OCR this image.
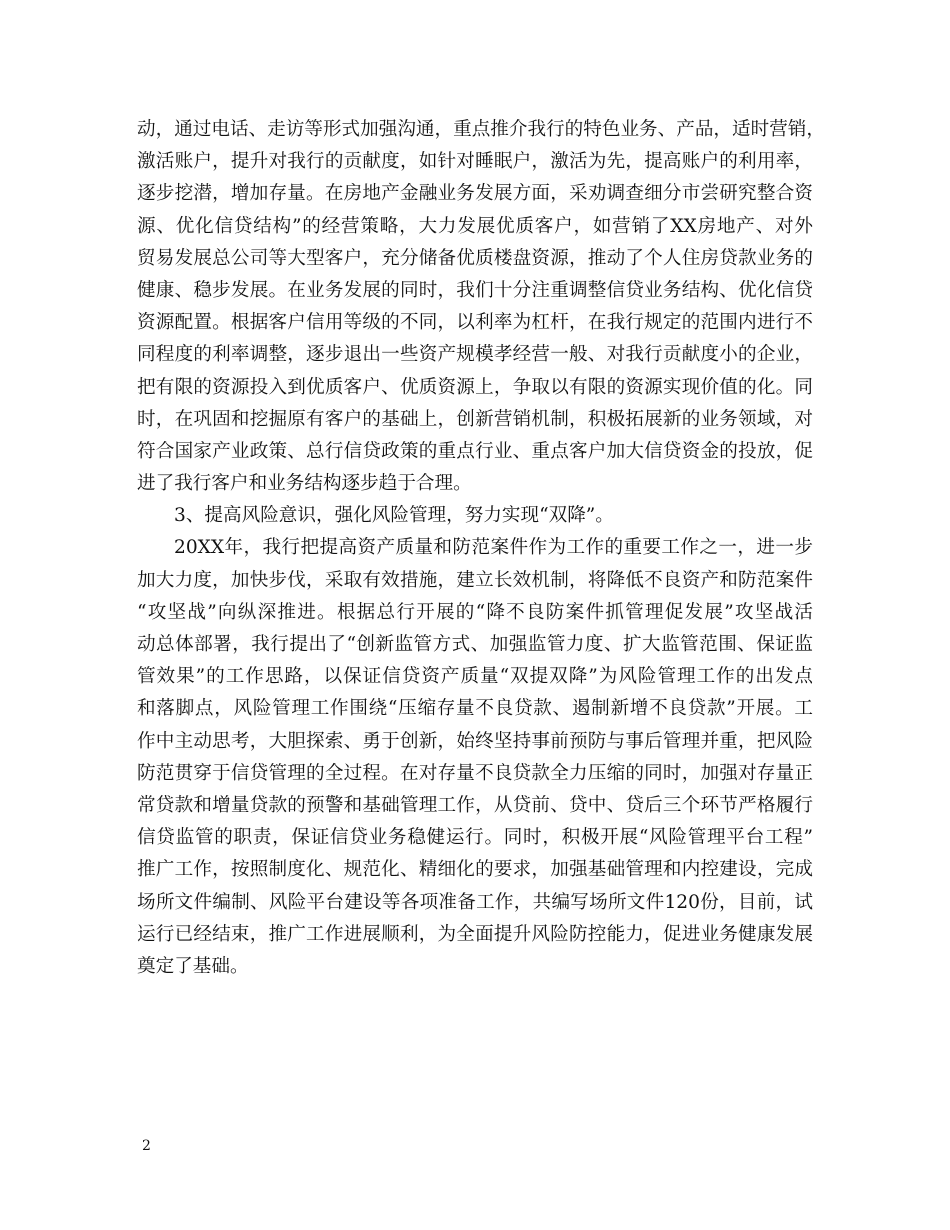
动，通过电话、走访等形式加强沟通，重点推介我行的特色业务、产品，适时营销，
激活账户，提升对我行的贡献度，如针对睡眠户，激活为先，提高账户的利用率，
逐步挖潜，增加存量。在房地产金融业务发展方面，采劝调查细分市尝研究整合资
源、优化信贷结构”的经营策略，大力发展优质客户，如营销了XX房地产、对外
贸易发展总公司等大型客户，充分储备优质楼盘资源，推动了个人住房贷款业务的
健康、稳步发展。在业务发展的同时，我们十分注重调整信贷业务结构、优化信贷
资源配置。根据客户信用等级的不同，以利率为杠杆，在我行规定的范围内进行不
同程度的利率调整，逐步退出一些资产规模孝经营一般、对我行贡献度小的企业，
把有限的资源投入到优质客户、优质资源上，争取以有限的资源实现价值的化。同
时，在巩固和挖掘原有客户的基础上，创新营销机制，积极拓展新的业务领域，对
符合国家产业政策、总行信贷政策的重点行业、重点客户加大信贷资金的投放，促
进了我行客户和业务结构逐步趋于合理。
3、提高风险意识，强化风险管理，努力实现“双降”。
20XX年，我行把提高资产质量和防范案件作为工作的重要工作之一，进一步
加大力度，加快步伐，采取有效措施，建立长效机制，将降低不良资产和防范案件
“攻坚战”向纵深推进。根据总行开展的“降不良防案件抓管理促发展”攻坚战活
动总体部署，我行提出了“创新监管方式、加强监管力度、扩大监管范围、保证监
管效果”的工作思路，以保证信贷资产质量“双提双降”为风险管理工作的出发点
和落脚点，风险管理工作围绕“压缩存量不良贷款、遏制新增不良贷款”开展。工
作中主动思考，大胆探索、勇于创新，始终坚持事前预防与事后管理并重，把风险
防范贯穿于信贷管理的全过程。在对存量不良贷款全力压缩的同时，加强对存量正
常贷款和增量贷款的预警和基础管理工作，从贷前、贷中、贷后三个环节严格履行
信贷监管的职责，保证信贷业务稳健运行。同时，积极开展“风险管理平台工程”
推广工作，按照制度化、规范化、精细化的要求，加强基础管理和内控建设，完成
场所文件编制、风险平台建设等各项准备工作，共编写场所文件120份，目前，试
运行已经结束，推广工作进展顺利，为全面提升风险防控能力，促进业务健康发展
奠定了基础。
2
